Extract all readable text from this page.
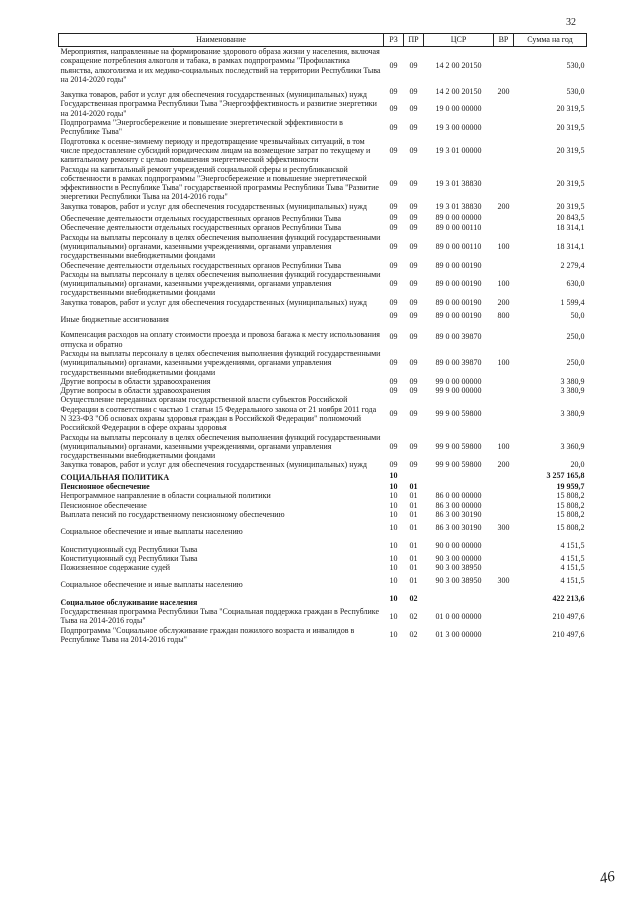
32
Наименование	РЗ	ПР	ЦСР	ВР	Сумма на год
Мероприятия, направленные на формирование здорового образа жизни у населения, включая сокращение потребления алкоголя и табака, в рамках подпрограммы "Профилактика пьянства, алкоголизма и их медико-социальных последствий на территории Республики Тыва на 2014-2020 годы"	09	09	14 2 00 20150		530,0
Закупка товаров, работ и услуг для обеспечения государственных (муниципальных) нужд	09	09	14 2 00 20150	200	530,0
Государственная программа Республики Тыва "Энергоэффективность и развитие энергетики на 2014-2020 годы"	09	09	19 0 00 00000		20 319,5
Подпрограмма "Энергосбережение и повышение энергетической эффективности в Республике Тыва"	09	09	19 3 00 00000		20 319,5
Подготовка к осенне-зимнему периоду и предотвращение чрезвычайных ситуаций, в том числе предоставление субсидий юридическим лицам на возмещение затрат по текущему и капитальному ремонту с целью повышения энергетической эффективности	09	09	19 3 01 00000		20 319,5
Расходы на капитальный ремонт учреждений социальной сферы и республиканской собственности в рамках подпрограммы "Энергосбережение и повышение энергетической эффективности в Республике Тыва" государственной программы Республики Тыва "Развитие энергетики Республики Тыва на 2014-2016 годы"	09	09	19 3 01 38830		20 319,5
Закупка товаров, работ и услуг для обеспечения государственных (муниципальных) нужд	09	09	19 3 01 38830	200	20 319,5
Обеспечение деятельности отдельных государственных органов Республики Тыва	09	09	89 0 00 00000		20 843,5
Обеспечение деятельности отдельных государственных органов Республики Тыва	09	09	89 0 00 00110		18 314,1
Расходы на выплаты персоналу в целях обеспечения выполнения функций государственными (муниципальными) органами, казенными учреждениями, органами управления государственными внебюджетными фондами	09	09	89 0 00 00110	100	18 314,1
Обеспечение деятельности отдельных государственных органов Республики Тыва	09	09	89 0 00 00190		2 279,4
Расходы на выплаты персоналу в целях обеспечения выполнения функций государственными (муниципальными) органами, казенными учреждениями, органами управления государственными внебюджетными фондами	09	09	89 0 00 00190	100	630,0
Закупка товаров, работ и услуг для обеспечения государственных (муниципальных) нужд	09	09	89 0 00 00190	200	1 599,4
Иные бюджетные ассигнования	09	09	89 0 00 00190	800	50,0
Компенсация расходов на оплату стоимости проезда и провоза багажа к месту использования отпуска и обратно	09	09	89 0 00 39870		250,0
Расходы на выплаты персоналу в целях обеспечения выполнения функций государственными (муниципальными) органами, казенными учреждениями, органами управления государственными внебюджетными фондами	09	09	89 0 00 39870	100	250,0
Другие вопросы в области здравоохранения	09	09	99 0 00 00000		3 380,9
Другие вопросы в области здравоохранения	09	09	99 9 00 00000		3 380,9
Осуществление переданных органам государственной власти субъектов Российской Федерации в соответствии с частью 1 статьи 15 Федерального закона от 21 ноября 2011 года N 323-ФЗ "Об основах охраны здоровья граждан в Российской Федерации" полномочий Российской Федерации в сфере охраны здоровья	09	09	99 9 00 59800		3 380,9
Расходы на выплаты персоналу в целях обеспечения выполнения функций государственными (муниципальными) органами, казенными учреждениями, органами управления государственными внебюджетными фондами	09	09	99 9 00 59800	100	3 360,9
Закупка товаров, работ и услуг для обеспечения государственных (муниципальных) нужд	09	09	99 9 00 59800	200	20,0
СОЦИАЛЬНАЯ ПОЛИТИКА	10				3 257 165,8
Пенсионное обеспечение	10	01			19 959,7
Непрограммное направление в области социальной политики	10	01	86 0 00 00000		15 808,2
Пенсионное обеспечение	10	01	86 3 00 00000		15 808,2
Выплата пенсий по государственному пенсионному обеспечению	10	01	86 3 00 30190		15 808,2
Социальное обеспечение и иные выплаты населению	10	01	86 3 00 30190	300	15 808,2
Конституционный суд Республики Тыва	10	01	90 0 00 00000		4 151,5
Конституционный суд Республики Тыва	10	01	90 3 00 00000		4 151,5
Пожизненное содержание судей	10	01	90 3 00 38950		4 151,5
Социальное обеспечение и иные выплаты населению	10	01	90 3 00 38950	300	4 151,5
Социальное обслуживание населения	10	02			422 213,6
Государственная программа Республики Тыва "Социальная поддержка граждан в Республике Тыва на 2014-2016 годы"	10	02	01 0 00 00000		210 497,6
Подпрограмма "Социальное обслуживание граждан пожилого возраста и инвалидов в Республике Тыва на 2014-2016 годы"	10	02	01 3 00 00000		210 497,6
46
